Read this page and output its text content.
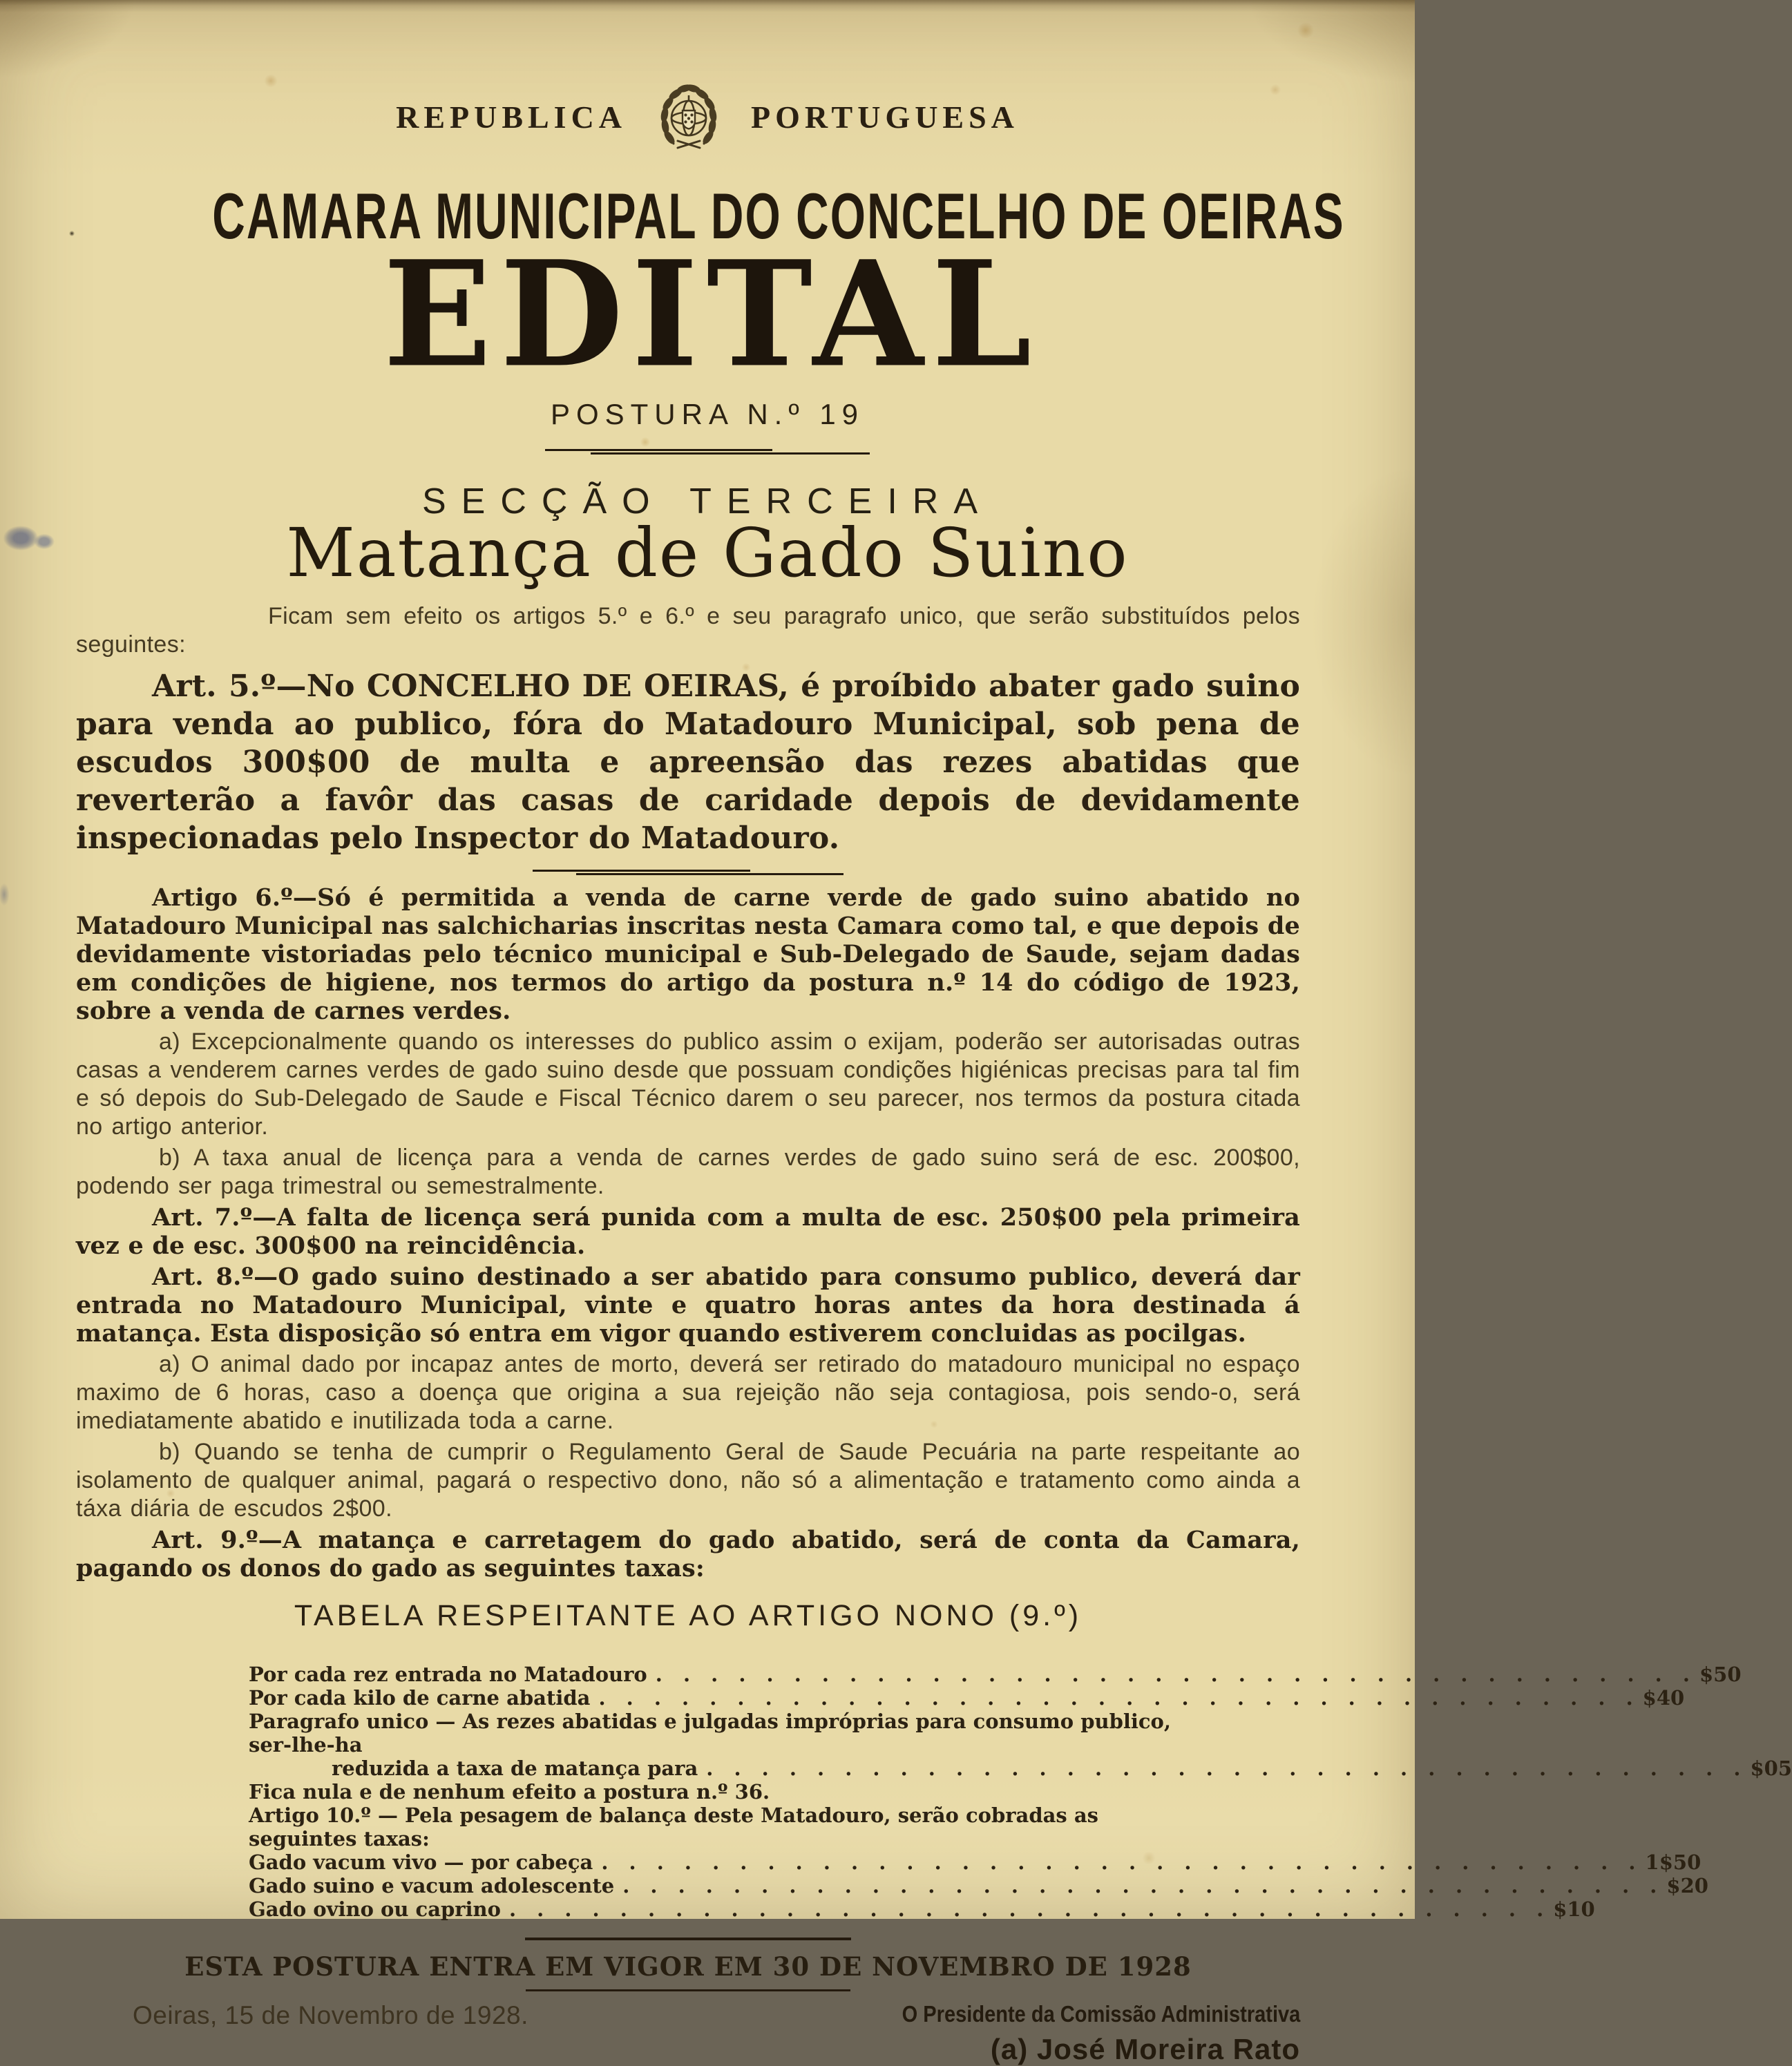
REPUBLICA	PORTUGUESA
CAMARA MUNICIPAL DO CONCELHO DE OEIRAS
EDITAL
POSTURA N.º 19
SECÇÃO TERCEIRA
Matança de Gado Suino

Ficam sem efeito os artigos 5.º e 6.º e seu paragrafo unico, que serão substituídos pelos seguintes:

Art. 5.º—No CONCELHO DE OEIRAS, é proíbido abater gado suino para venda ao publico, fóra do Matadouro Municipal, sob pena de escudos 300$00 de multa e apreensão das rezes abatidas que reverterão a favôr das casas de caridade depois de devidamente inspecionadas pelo Inspector do Matadouro.

Artigo 6.º—Só é permitida a venda de carne verde de gado suino abatido no Matadouro Municipal nas salchicharias inscritas nesta Camara como tal, e que depois de devidamente vistoriadas pelo técnico municipal e Sub-Delegado de Saude, sejam dadas em condições de higiene, nos termos do artigo da postura n.º 14 do código de 1923, sobre a venda de carnes verdes.

a) Excepcionalmente quando os interesses do publico assim o exijam, poderão ser autorisadas outras casas a venderem carnes verdes de gado suino desde que possuam condições higiénicas precisas para tal fim e só depois do Sub-Delegado de Saude e Fiscal Técnico darem o seu parecer, nos termos da postura citada no artigo anterior.

b) A taxa anual de licença para a venda de carnes verdes de gado suino será de esc. 200$00, podendo ser paga trimestral ou semestralmente.

Art. 7.º—A falta de licença será punida com a multa de esc. 250$00 pela primeira vez e de esc. 300$00 na reincidência.

Art. 8.º—O gado suino destinado a ser abatido para consumo publico, deverá dar entrada no Matadouro Municipal, vinte e quatro horas antes da hora destinada á matança. Esta disposição só entra em vigor quando estiverem concluidas as pocilgas.

a) O animal dado por incapaz antes de morto, deverá ser retirado do matadouro municipal no espaço maximo de 6 horas, caso a doença que origina a sua rejeição não seja contagiosa, pois sendo-o, será imediatamente abatido e inutilizada toda a carne.

b) Quando se tenha de cumprir o Regulamento Geral de Saude Pecuária na parte respeitante ao isolamento de qualquer animal, pagará o respectivo dono, não só a alimentação e tratamento como ainda a táxa diária de escudos 2$00.

Art. 9.º—A matança e carretagem do gado abatido, será de conta da Camara, pagando os donos do gado as seguintes taxas:

TABELA RESPEITANTE AO ARTIGO NONO (9.º)
Por cada rez entrada no Matadouro . .	$50
Por cada kilo de carne abatida . .	$40
Paragrafo unico — As rezes abatidas e julgadas impróprias para consumo publico, ser-lhe-ha
reduzida a taxa de matança para . .	$05
Fica nula e de nenhum efeito a postura n.º 36.
Artigo 10.º — Pela pesagem de balança deste Matadouro, serão cobradas as seguintes taxas:
Gado vacum vivo — por cabeça . .	1$50
Gado suino e vacum adolescente . .	$20
Gado ovino ou caprino . .	$10
ESTA POSTURA ENTRA EM VIGOR EM 30 DE NOVEMBRO DE 1928
Oeiras, 15 de Novembro de 1928.	O Presidente da Comissão Administrativa
(a) José Moreira Rato
